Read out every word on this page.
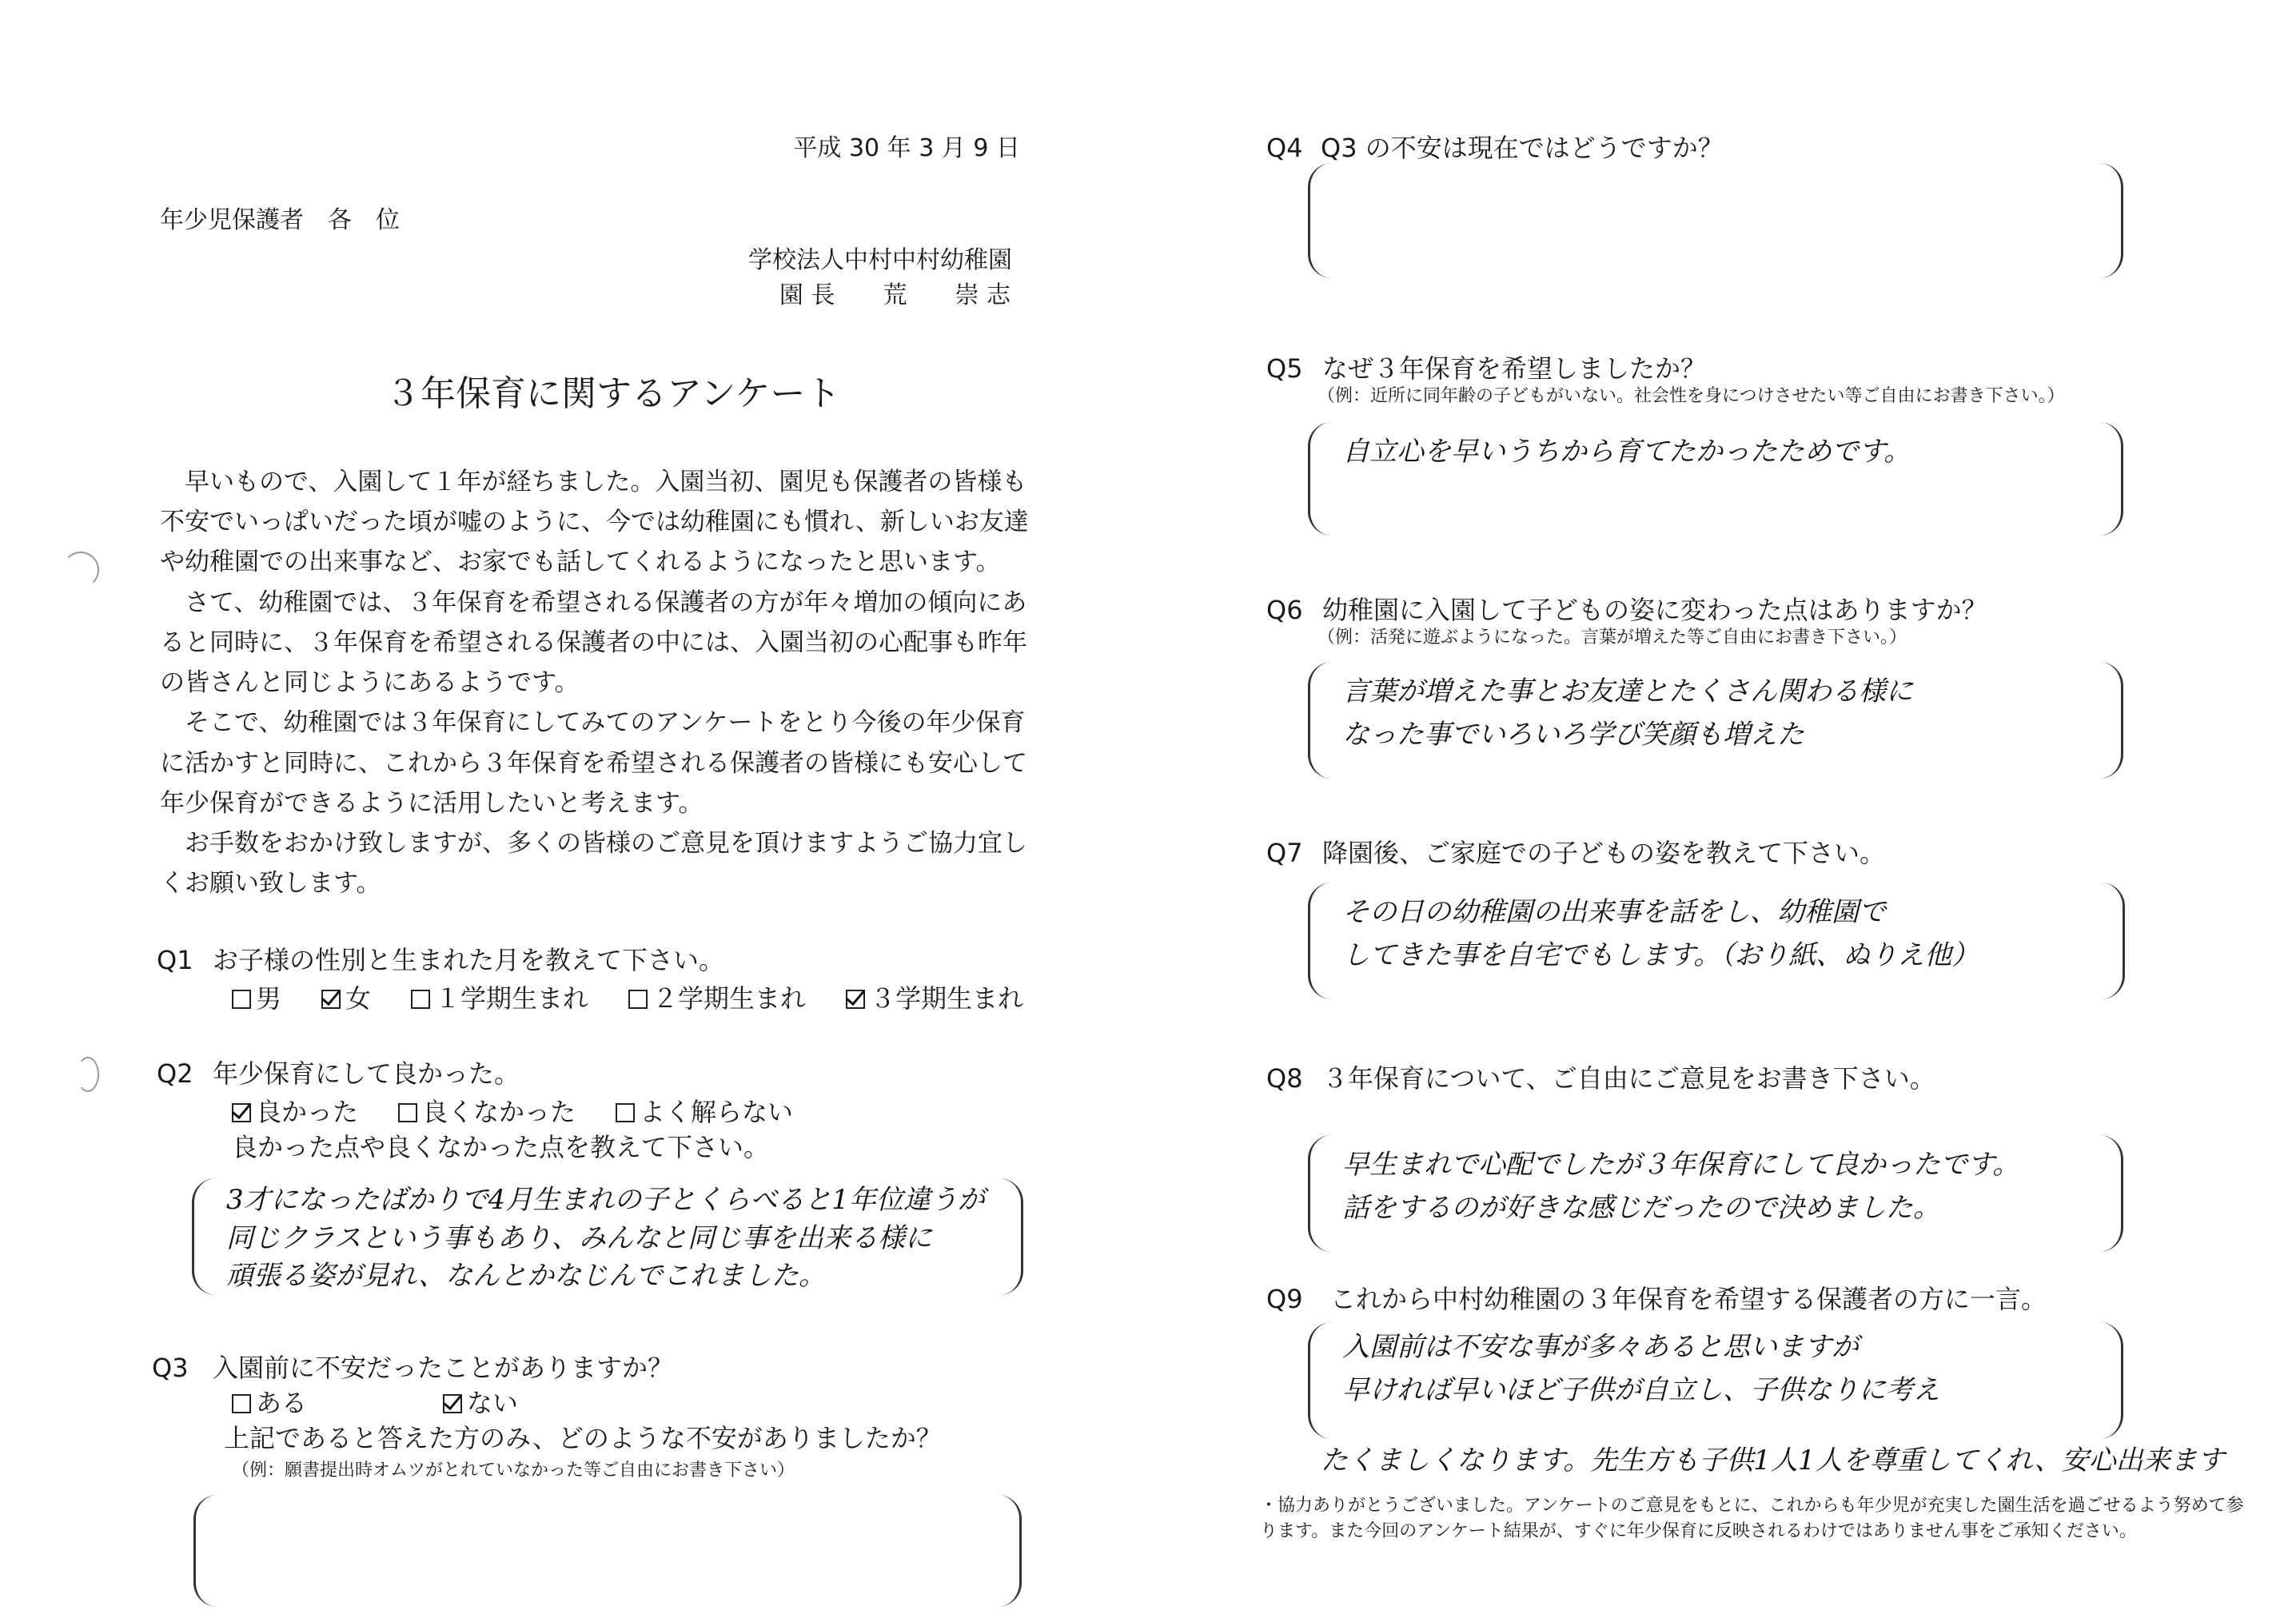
平成 30 年 3 月 9 日
年少児保護者　各　位
学校法人中村中村幼稚園
園 長　　荒　　崇 志
３年保育に関するアンケート

早いもので、入園して１年が経ちました。入園当初、園児も保護者の皆様も不安でいっぱいだった頃が嘘のように、今では幼稚園にも慣れ、新しいお友達や幼稚園での出来事など、お家でも話してくれるようになったと思います。

さて、幼稚園では、３年保育を希望される保護者の方が年々増加の傾向にあると同時に、３年保育を希望される保護者の中には、入園当初の心配事も昨年の皆さんと同じようにあるようです。

そこで、幼稚園では３年保育にしてみてのアンケートをとり今後の年少保育に活かすと同時に、これから３年保育を希望される保護者の皆様にも安心して年少保育ができるように活用したいと考えます。

お手数をおかけ致しますが、多くの皆様のご意見を頂けますようご協力宜しくお願い致します。

Q1 お子様の性別と生まれた月を教えて下さい。
男	女	１学期生まれ	２学期生まれ	３学期生まれ
Q2 年少保育にして良かった。
良かった	良くなかった	よく解らない
良かった点や良くなかった点を教えて下さい。
3才になったばかりで4月生まれの子とくらべると1年位違うが
同じクラスという事もあり、みんなと同じ事を出来る様に
頑張る姿が見れ、なんとかなじんでこれました。
Q3 入園前に不安だったことがありますか？
ある	ない
上記であると答えた方のみ、どのような不安がありましたか？
（例：願書提出時オムツがとれていなかった等ご自由にお書き下さい）
Q4 Q3 の不安は現在ではどうですか？
Q5 なぜ３年保育を希望しましたか？
（例：近所に同年齢の子どもがいない。社会性を身につけさせたい等ご自由にお書き下さい。）
自立心を早いうちから育てたかったためです。
Q6 幼稚園に入園して子どもの姿に変わった点はありますか？
（例：活発に遊ぶようになった。言葉が増えた等ご自由にお書き下さい。）
言葉が増えた事とお友達とたくさん関わる様に
なった事でいろいろ学び笑顔も増えた
Q7 降園後、ご家庭での子どもの姿を教えて下さい。
その日の幼稚園の出来事を話をし、幼稚園で
してきた事を自宅でもします。（おり紙、ぬりえ他）
Q8 ３年保育について、ご自由にご意見をお書き下さい。
早生まれで心配でしたが３年保育にして良かったです。
話をするのが好きな感じだったので決めました。
Q9 これから中村幼稚園の３年保育を希望する保護者の方に一言。
入園前は不安な事が多々あると思いますが
早ければ早いほど子供が自立し、子供なりに考え
たくましくなります。先生方も子供1人1人を尊重してくれ、安心出来ます
・協力ありがとうございました。アンケートのご意見をもとに、これからも年少児が充実した園生活を過ごせるよう努めて参ります。また今回のアンケート結果が、すぐに年少保育に反映されるわけではありません事をご承知ください。
